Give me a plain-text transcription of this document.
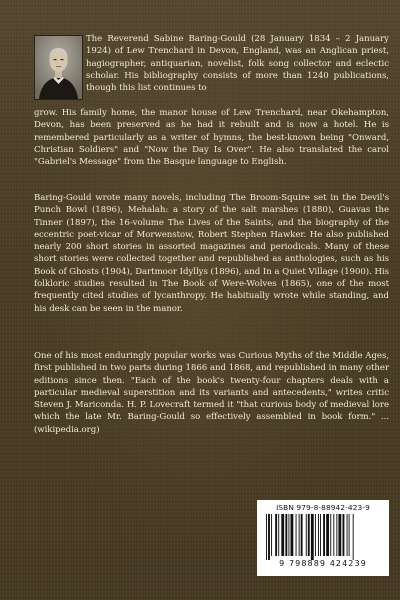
The Reverend Sabine Baring-Gould (28 January 1834 – 2 January 1924) of Lew Trenchard in Devon, England, was an Anglican priest, hagiographer, antiquarian, novelist, folk song collector and eclectic scholar. His bibliography consists of more than 1240 publications, though this list continues to
grow. His family home, the manor house of Lew Trenchard, near Okehampton, Devon, has been preserved as he had it rebuilt and is now a hotel. He is remembered particularly as a writer of hymns, the best-known being "Onward, Christian Soldiers" and "Now the Day Is Over". He also translated the carol "Gabriel's Message" from the Basque language to English.
Baring-Gould wrote many novels, including The Broom-Squire set in the Devil's Punch Bowl (1896), Mehalah: a story of the salt marshes (1880), Guavas the Tinner (1897), the 16-volume The Lives of the Saints, and the biography of the eccentric poet-vicar of Morwenstow, Robert Stephen Hawker. He also published nearly 200 short stories in assorted magazines and periodicals. Many of these short stories were collected together and republished as anthologies, such as his Book of Ghosts (1904), Dartmoor Idyllys (1896), and In a Quiet Village (1900). His folkloric studies resulted in The Book of Were-Wolves (1865), one of the most frequently cited studies of lycanthropy. He habitually wrote while standing, and his desk can be seen in the manor.
One of his most enduringly popular works was Curious Myths of the Middle Ages, first published in two parts during 1866 and 1868, and republished in many other editions since then. "Each of the book's twenty-four chapters deals with a particular medieval superstition and its variants and antecedents," writes critic Steven J. Mariconda. H. P. Lovecraft termed it "that curious body of medieval lore which the late Mr. Baring-Gould so effectively assembled in book form." ... (wikipedia.org)
ISBN 979-8-88942-423-9
9 798889 424239
